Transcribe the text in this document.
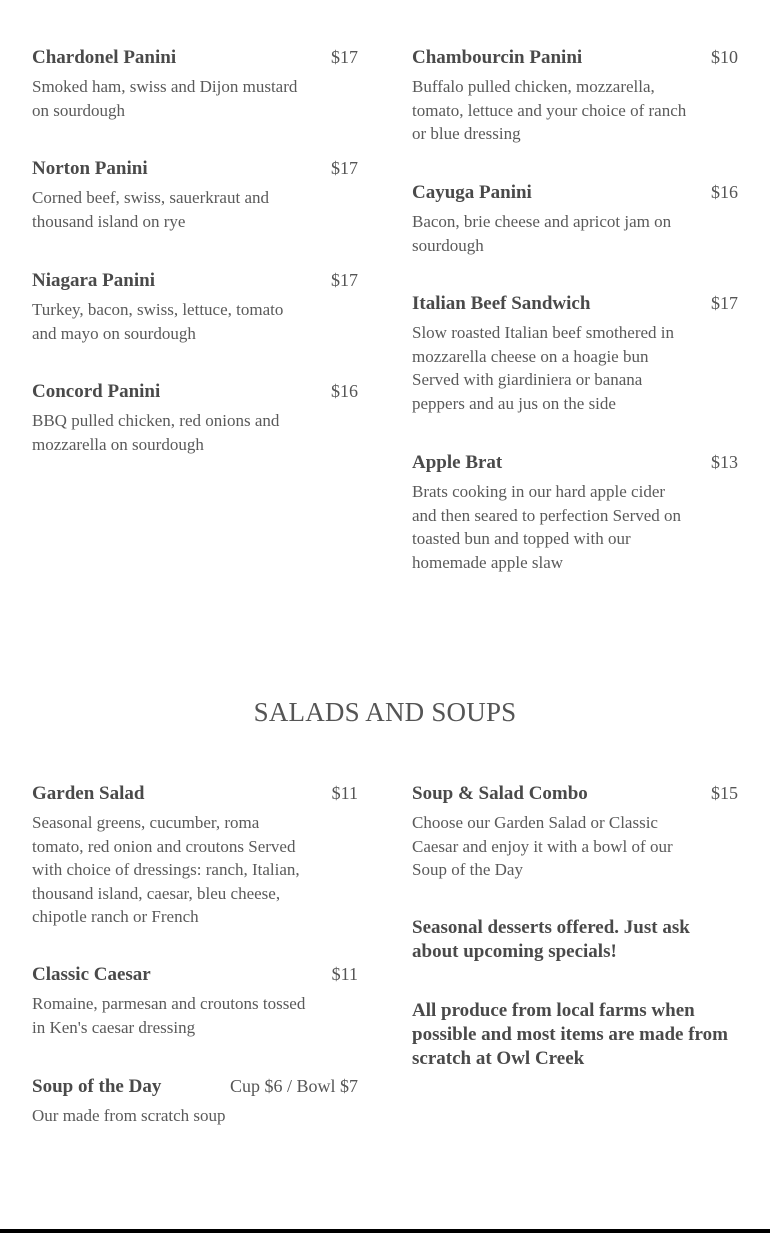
Chardonel Panini	$17
Smoked ham, swiss and Dijon mustard on sourdough
Norton Panini	$17
Corned beef, swiss, sauerkraut and thousand island on rye
Niagara Panini	$17
Turkey, bacon, swiss, lettuce, tomato and mayo on sourdough
Concord Panini	$16
BBQ pulled chicken, red onions and mozzarella on sourdough
Chambourcin Panini	$10
Buffalo pulled chicken, mozzarella, tomato, lettuce and your choice of ranch or blue dressing
Cayuga Panini	$16
Bacon, brie cheese and apricot jam on sourdough
Italian Beef Sandwich	$17
Slow roasted Italian beef smothered in mozzarella cheese on a hoagie bun Served with giardiniera or banana peppers and au jus on the side
Apple Brat	$13
Brats cooking in our hard apple cider and then seared to perfection Served on toasted bun and topped with our homemade apple slaw
SALADS AND SOUPS
Garden Salad	$11
Seasonal greens, cucumber, roma tomato, red onion and croutons Served with choice of dressings: ranch, Italian, thousand island, caesar, bleu cheese, chipotle ranch or French
Classic Caesar	$11
Romaine, parmesan and croutons tossed in Ken's caesar dressing
Soup of the Day	Cup $6 / Bowl $7
Our made from scratch soup
Soup & Salad Combo	$15
Choose our Garden Salad or Classic Caesar and enjoy it with a bowl of our Soup of the Day
Seasonal desserts offered. Just ask about upcoming specials!
All produce from local farms when possible and most items are made from scratch at Owl Creek
